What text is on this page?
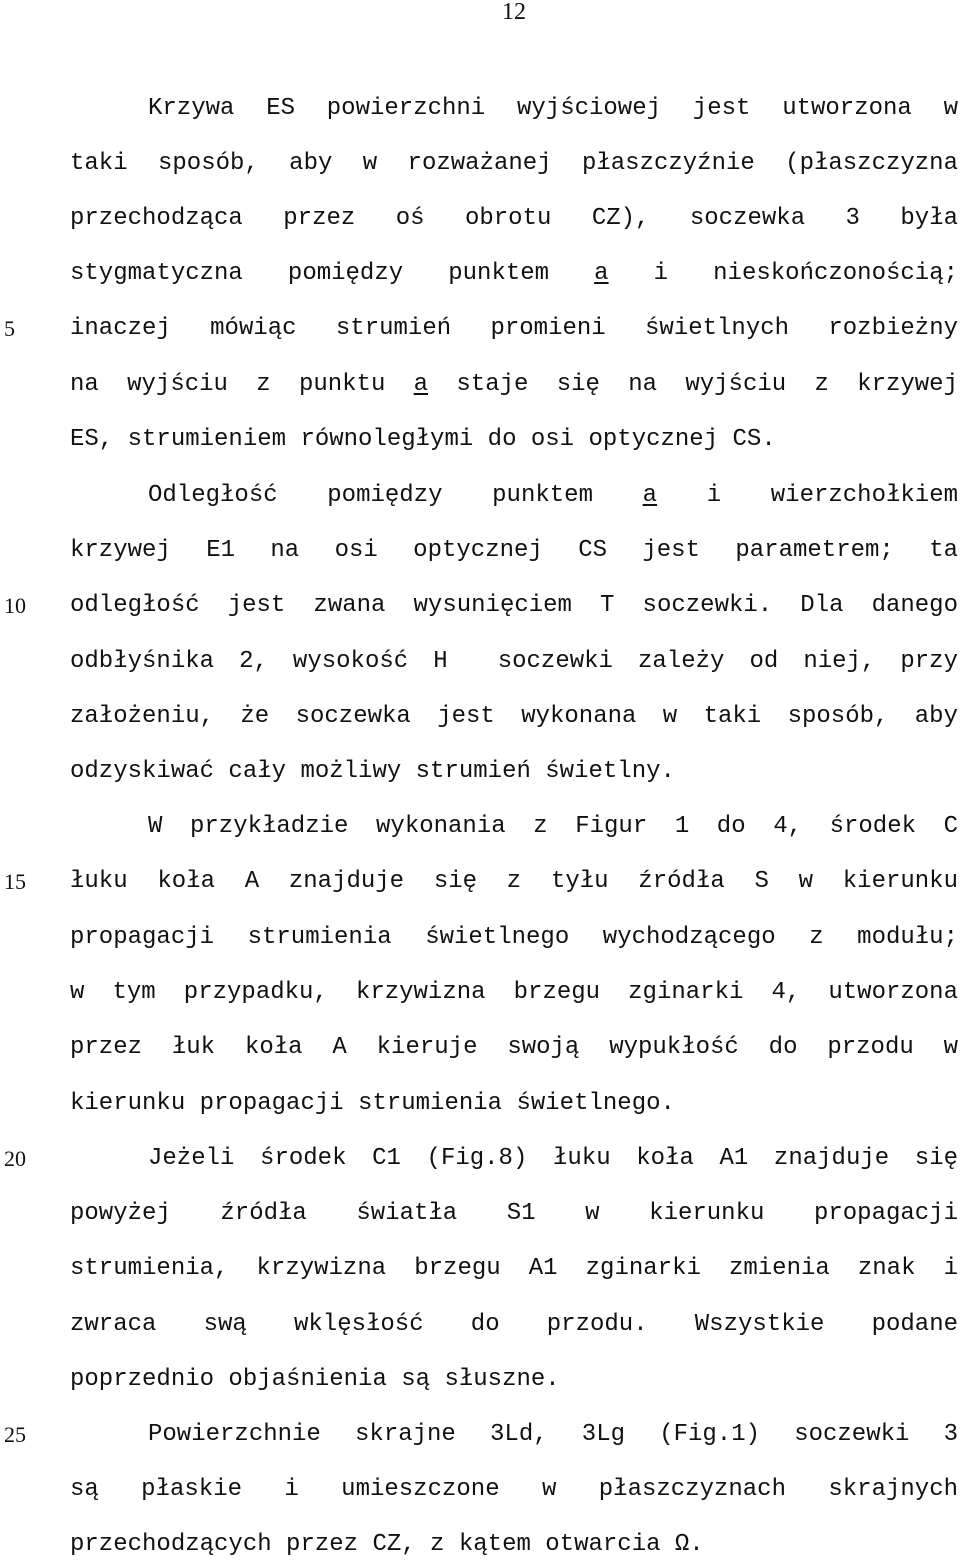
12
5
10
15
20
25
Krzywa ES powierzchni wyjściowej jest utworzona w
taki sposób, aby w rozważanej płaszczyźnie (płaszczyzna
przechodząca przez oś obrotu CZ), soczewka 3 była
stygmatyczna pomiędzy punktem a i nieskończonością;
inaczej mówiąc strumień promieni świetlnych rozbieżny
na wyjściu z punktu a staje się na wyjściu z krzywej
ES, strumieniem równoległymi do osi optycznej CS.
Odległość pomiędzy punktem a i wierzchołkiem
krzywej E1 na osi optycznej CS jest parametrem; ta
odległość jest zwana wysunięciem T soczewki. Dla danego
odbłyśnika 2, wysokość H  soczewki zależy od niej, przy
założeniu, że soczewka jest wykonana w taki sposób, aby
odzyskiwać cały możliwy strumień świetlny.
W przykładzie wykonania z Figur 1 do 4, środek C
łuku koła A znajduje się z tyłu źródła S w kierunku
propagacji strumienia świetlnego wychodzącego z modułu;
w tym przypadku, krzywizna brzegu zginarki 4, utworzona
przez łuk koła A kieruje swoją wypukłość do przodu w
kierunku propagacji strumienia świetlnego.
Jeżeli środek C1 (Fig.8) łuku koła A1 znajduje się
powyżej źródła światła S1 w kierunku propagacji
strumienia, krzywizna brzegu A1 zginarki zmienia znak i
zwraca swą wklęsłość do przodu. Wszystkie podane
poprzednio objaśnienia są słuszne.
Powierzchnie skrajne 3Ld, 3Lg (Fig.1) soczewki 3
są płaskie i umieszczone w płaszczyznach skrajnych
przechodzących przez CZ, z kątem otwarcia Ω.
